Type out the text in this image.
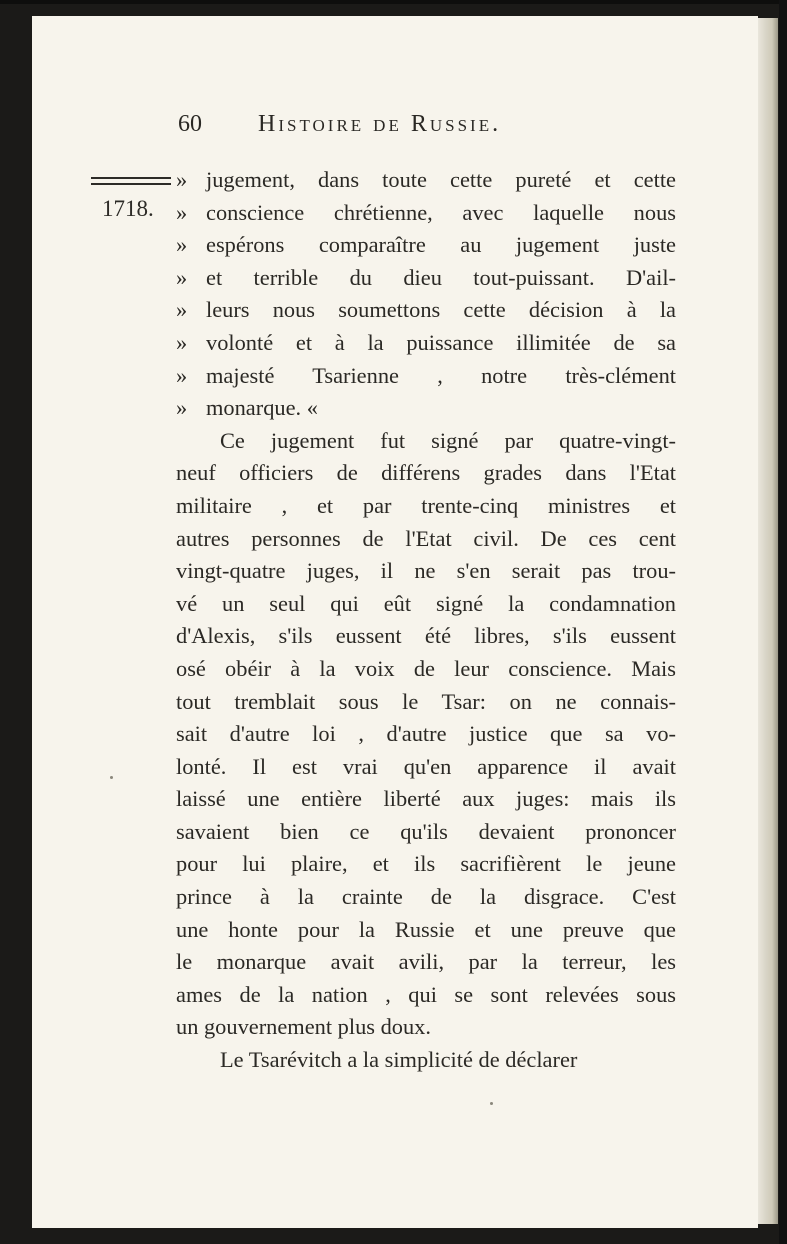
60 Histoire de Russie.
1718.
» jugement, dans toute cette pureté et cette
» conscience chrétienne, avec laquelle nous
» espérons comparaître au jugement juste
» et terrible du dieu tout-puissant. D'ail-
» leurs nous soumettons cette décision à la
» volonté et à la puissance illimitée de sa
» majesté Tsarienne , notre très-clément
» monarque. «
Ce jugement fut signé par quatre-vingt-
neuf officiers de différens grades dans l'Etat
militaire , et par trente-cinq ministres et
autres personnes de l'Etat civil. De ces cent
vingt-quatre juges, il ne s'en serait pas trou-
vé un seul qui eût signé la condamnation
d'Alexis, s'ils eussent été libres, s'ils eussent
osé obéir à la voix de leur conscience. Mais
tout tremblait sous le Tsar: on ne connais-
sait d'autre loi , d'autre justice que sa vo-
lonté. Il est vrai qu'en apparence il avait
laissé une entière liberté aux juges: mais ils
savaient bien ce qu'ils devaient prononcer
pour lui plaire, et ils sacrifièrent le jeune
prince à la crainte de la disgrace. C'est
une honte pour la Russie et une preuve que
le monarque avait avili, par la terreur, les
ames de la nation , qui se sont relevées sous
un gouvernement plus doux.
Le Tsarévitch a la simplicité de déclarer
